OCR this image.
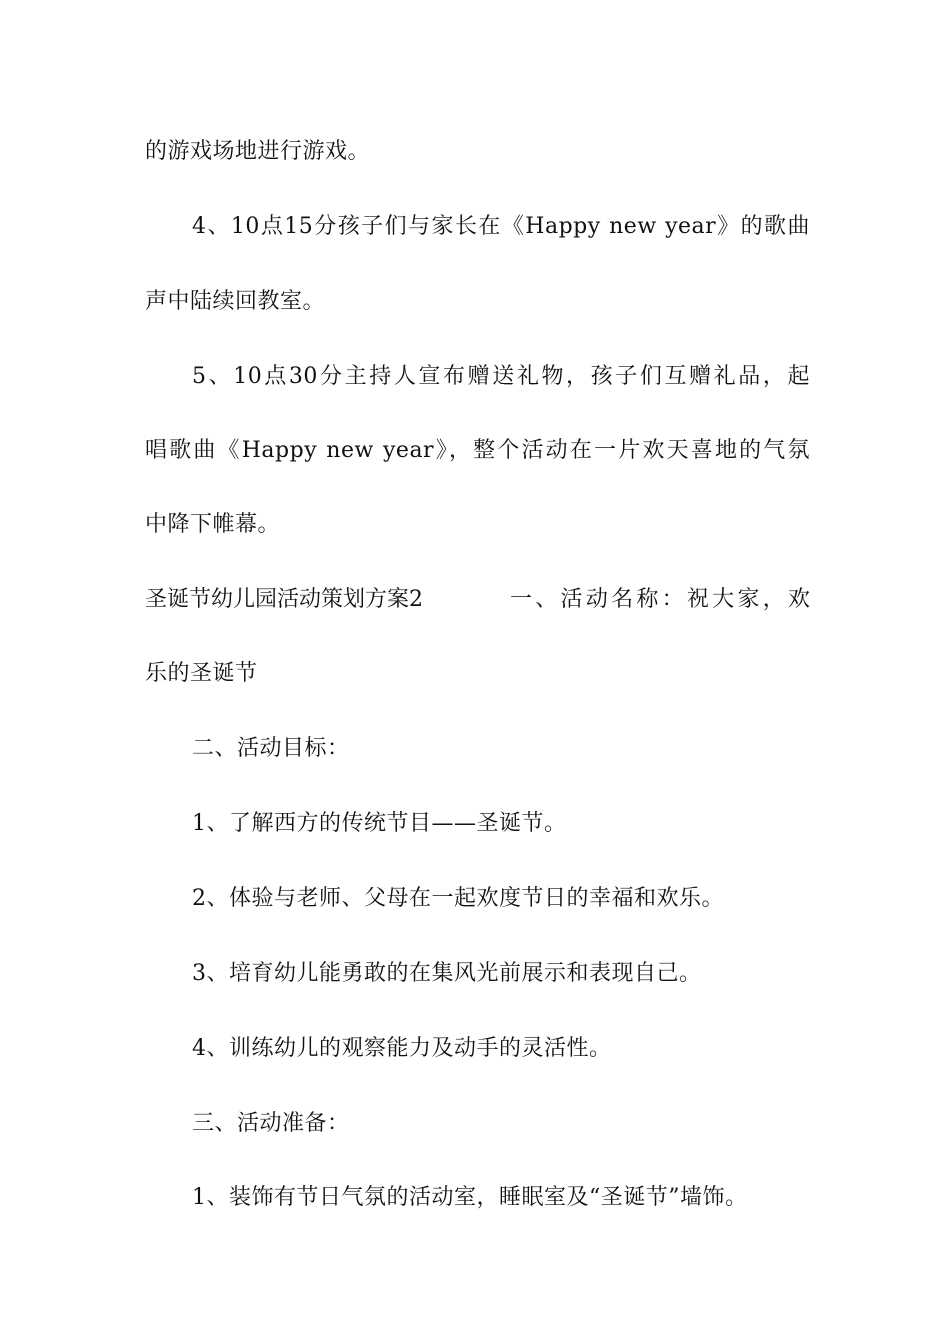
的游戏场地进行游戏。
4、10点15分孩子们与家长在《Happy new year》的歌曲
声中陆续回教室。
5、10点30分主持人宣布赠送礼物，孩子们互赠礼品，起
唱歌曲《Happy new year》，整个活动在一片欢天喜地的气氛
中降下帷幕。
圣诞节幼儿园活动策划方案2	一、活动名称：祝大家，欢
乐的圣诞节
二、活动目标：
1、了解西方的传统节目——圣诞节。
2、体验与老师、父母在一起欢度节日的幸福和欢乐。
3、培育幼儿能勇敢的在集风光前展示和表现自己。
4、训练幼儿的观察能力及动手的灵活性。
三、活动准备：
1、装饰有节日气氛的活动室，睡眠室及“圣诞节”墙饰。
